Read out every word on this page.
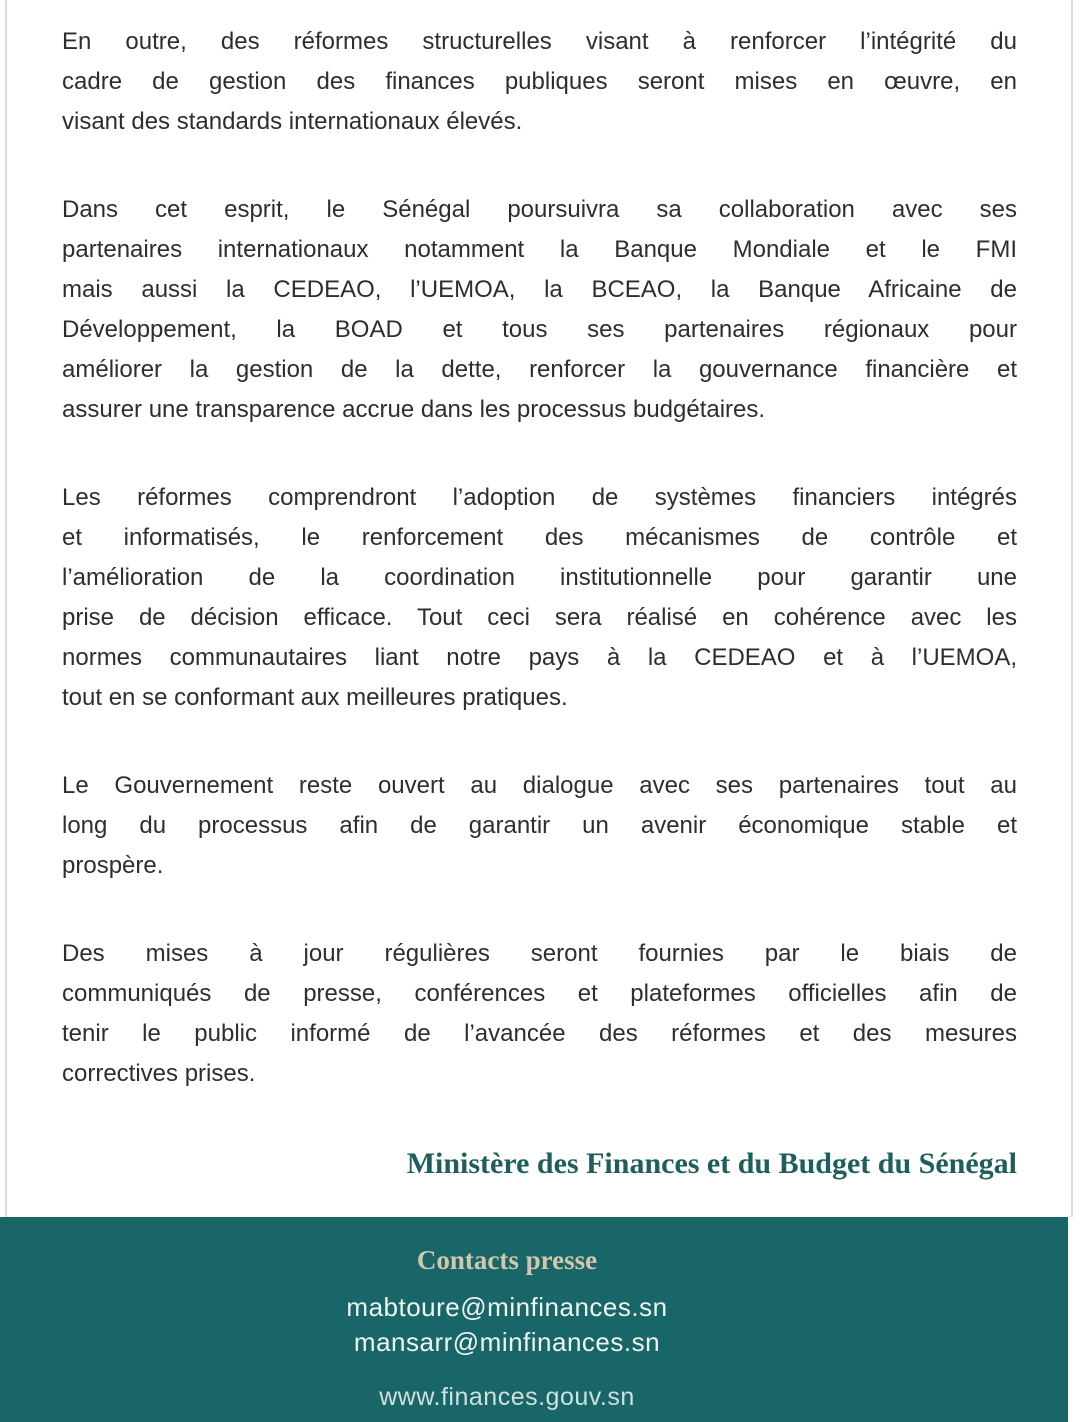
En outre, des réformes structurelles visant à renforcer l’intégrité du
cadre de gestion des finances publiques seront mises en œuvre, en
visant des standards internationaux élevés.
Dans cet esprit, le Sénégal poursuivra sa collaboration avec ses
partenaires internationaux notamment la Banque Mondiale et le FMI
mais aussi la CEDEAO, l’UEMOA, la BCEAO, la Banque Africaine de
Développement, la BOAD et tous ses partenaires régionaux pour
améliorer la gestion de la dette, renforcer la gouvernance financière et
assurer une transparence accrue dans les processus budgétaires.
Les réformes comprendront l’adoption de systèmes financiers intégrés
et informatisés, le renforcement des mécanismes de contrôle et
l’amélioration de la coordination institutionnelle pour garantir une
prise de décision efficace. Tout ceci sera réalisé en cohérence avec les
normes communautaires liant notre pays à la CEDEAO et à l’UEMOA,
tout en se conformant aux meilleures pratiques.
Le Gouvernement reste ouvert au dialogue avec ses partenaires tout au
long du processus afin de garantir un avenir économique stable et
prospère.
Des mises à jour régulières seront fournies par le biais de
communiqués de presse, conférences et plateformes officielles afin de
tenir le public informé de l’avancée des réformes et des mesures
correctives prises.
Ministère des Finances et du Budget du Sénégal
Contacts presse
mabtoure@minfinances.sn
mansarr@minfinances.sn
www.finances.gouv.sn
